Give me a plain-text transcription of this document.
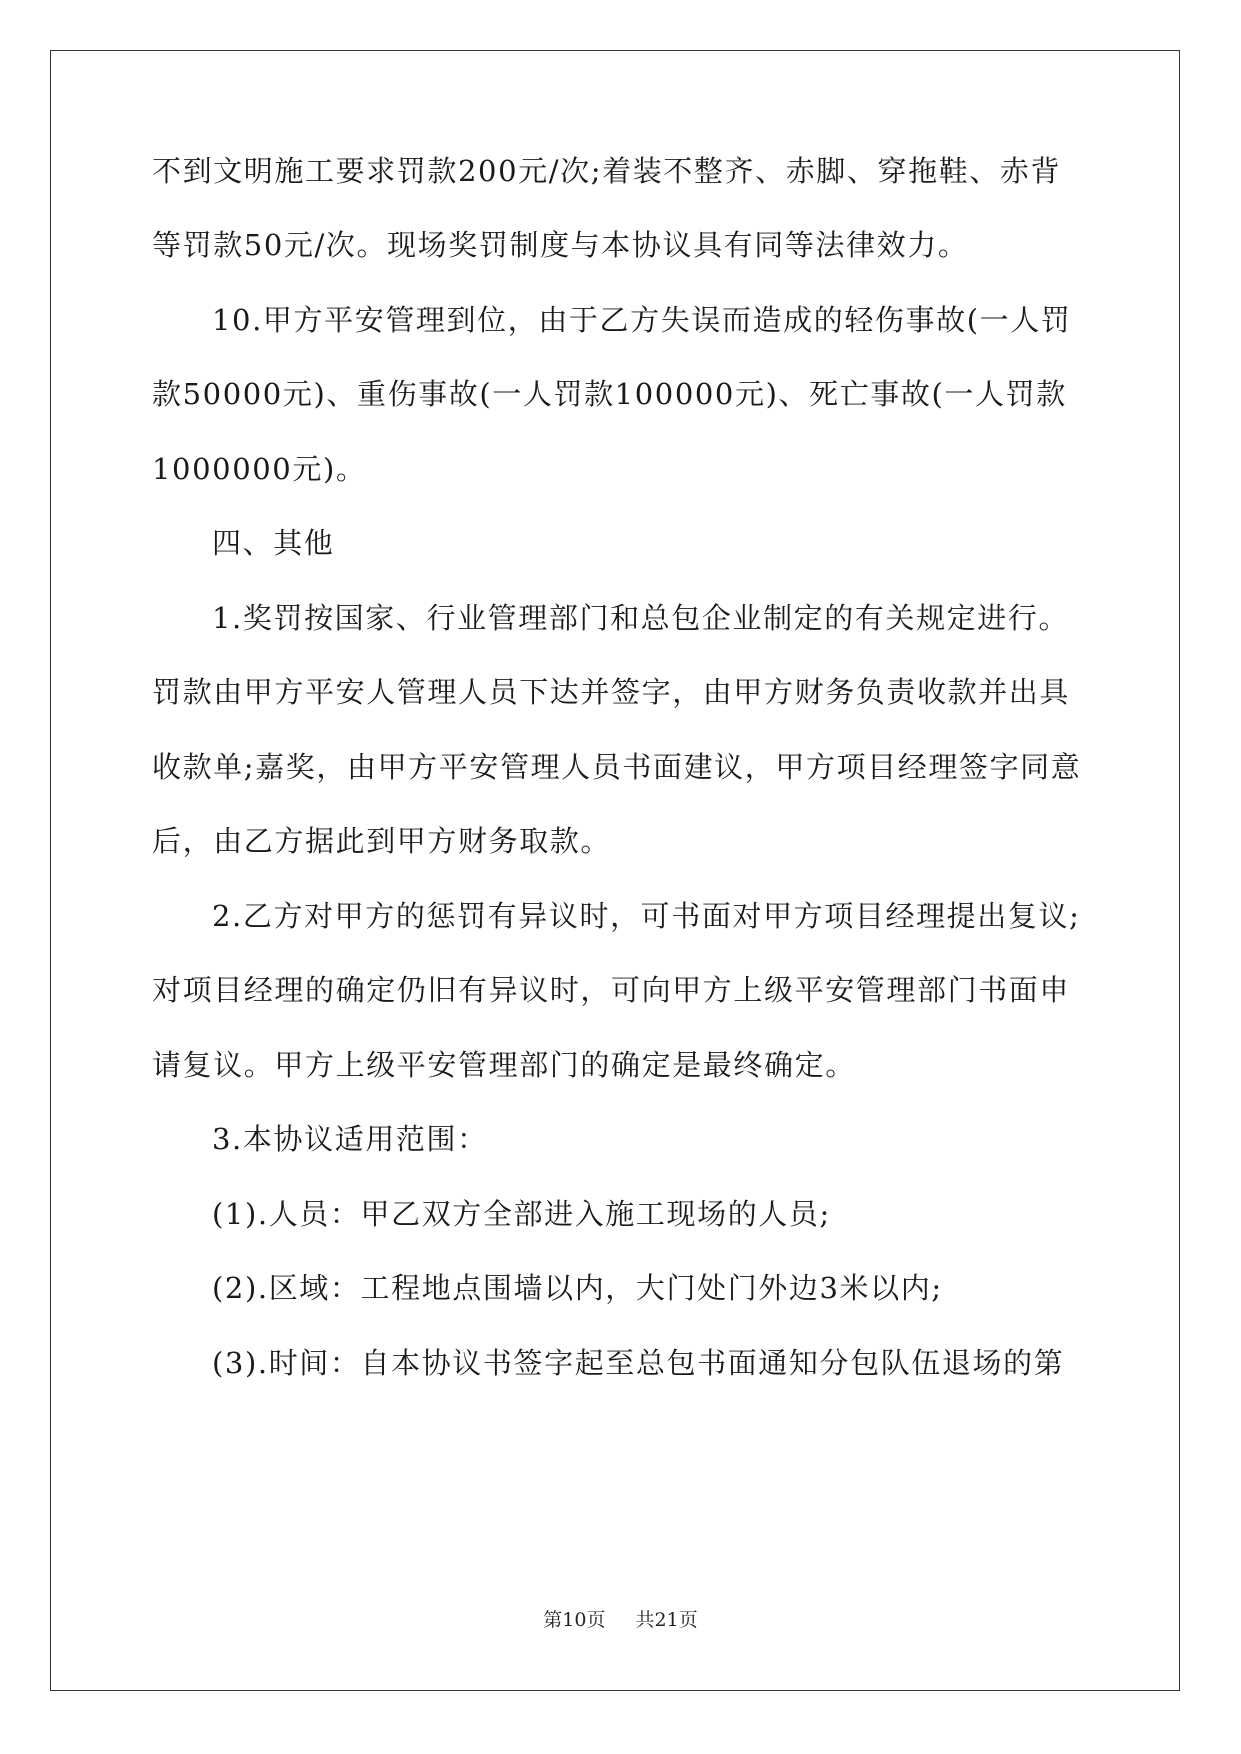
不到文明施工要求罚款200元/次;着装不整齐、赤脚、穿拖鞋、赤背
等罚款50元/次。现场奖罚制度与本协议具有同等法律效力。
10.甲方平安管理到位，由于乙方失误而造成的轻伤事故(一人罚
款50000元)、重伤事故(一人罚款100000元)、死亡事故(一人罚款
1000000元)。
四、其他
1.奖罚按国家、行业管理部门和总包企业制定的有关规定进行。
罚款由甲方平安人管理人员下达并签字，由甲方财务负责收款并出具
收款单;嘉奖，由甲方平安管理人员书面建议，甲方项目经理签字同意
后，由乙方据此到甲方财务取款。
2.乙方对甲方的惩罚有异议时，可书面对甲方项目经理提出复议;
对项目经理的确定仍旧有异议时，可向甲方上级平安管理部门书面申
请复议。甲方上级平安管理部门的确定是最终确定。
3.本协议适用范围：
(1).人员：甲乙双方全部进入施工现场的人员;
(2).区域：工程地点围墙以内，大门处门外边3米以内;
(3).时间：自本协议书签字起至总包书面通知分包队伍退场的第
第10页 共21页
